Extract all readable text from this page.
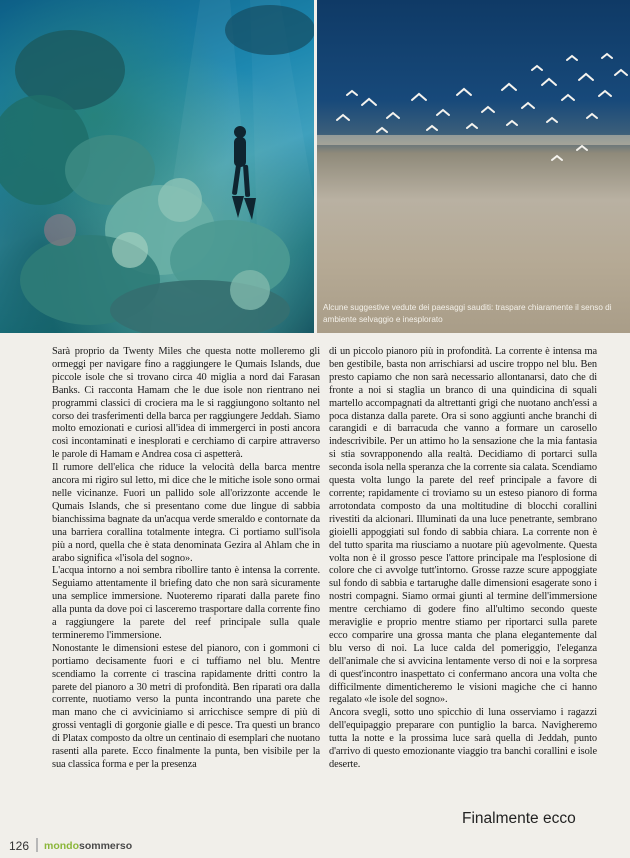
Alcune suggestive vedute dei paesaggi sauditi: traspare chiaramente il senso di ambiente selvaggio e inesplorato

Sarà proprio da Twenty Miles che questa notte molleremo gli ormeggi per navigare fino a raggiungere le Qumais Islands, due piccole isole che si trovano circa 40 miglia a nord dai Farasan Banks. Ci racconta Hamam che le due isole non rientrano nei programmi classici di crociera ma le si raggiungono soltanto nel corso dei trasferimenti della barca per raggiungere Jeddah. Siamo molto emozionati e curiosi all'idea di immergerci in posti ancora così incontaminati e inesplorati e cerchiamo di carpire attraverso le parole di Hamam e Andrea cosa ci aspetterà.

Il rumore dell'elica che riduce la velocità della barca mentre ancora mi rigiro sul letto, mi dice che le mitiche isole sono ormai nelle vicinanze. Fuori un pallido sole all'orizzonte accende le Qumais Islands, che si presentano come due lingue di sabbia bianchissima bagnate da un'acqua verde smeraldo e contornate da una barriera corallina totalmente integra. Ci portiamo sull'isola più a nord, quella che è stata denominata Gezira al Ahlam che in arabo significa «l'isola del sogno».

L'acqua intorno a noi sembra ribollire tanto è intensa la corrente. Seguiamo attentamente il briefing dato che non sarà sicuramente una semplice immersione. Nuoteremo riparati dalla parete fino alla punta da dove poi ci lasceremo trasportare dalla corrente fino a raggiungere la parete del reef principale sulla quale termineremo l'immersione.

Nonostante le dimensioni estese del pianoro, con i gommoni ci portiamo decisamente fuori e ci tuffiamo nel blu. Mentre scendiamo la corrente ci trascina rapidamente dritti contro la parete del pianoro a 30 metri di profondità. Ben riparati ora dalla corrente, nuotiamo verso la punta incontrando una parete che man mano che ci avviciniamo si arricchisce sempre di più di grossi ventagli di gorgonie gialle e di pesce. Tra questi un branco di Platax composto da oltre un centinaio di esemplari che nuotano rasenti alla parete. Ecco finalmente la punta, ben visibile per la sua classica forma e per la presenza

di un piccolo pianoro più in profondità. La corrente è intensa ma ben gestibile, basta non arrischiarsi ad uscire troppo nel blu. Ben presto capiamo che non sarà necessario allontanarsi, dato che di fronte a noi si staglia un branco di una quindicina di squali martello accompagnati da altrettanti grigi che nuotano anch'essi a poca distanza dalla parete. Ora si sono aggiunti anche branchi di carangidi e di barracuda che vanno a formare un carosello indescrivibile. Per un attimo ho la sensazione che la mia fantasia si stia sovrapponendo alla realtà. Decidiamo di portarci sulla seconda isola nella speranza che la corrente sia calata. Scendiamo questa volta lungo la parete del reef principale a favore di corrente; rapidamente ci troviamo su un esteso pianoro di forma arrotondata composto da una moltitudine di blocchi corallini rivestiti da alcionari. Illuminati da una luce penetrante, sembrano gioielli appoggiati sul fondo di sabbia chiara. La corrente non è del tutto sparita ma riusciamo a nuotare più agevolmente. Questa volta non è il grosso pesce l'attore principale ma l'esplosione di colore che ci avvolge tutt'intorno. Grosse razze scure appoggiate sul fondo di sabbia e tartarughe dalle dimensioni esagerate sono i nostri compagni. Siamo ormai giunti al termine dell'immersione mentre cerchiamo di godere fino all'ultimo secondo queste meraviglie e proprio mentre stiamo per riportarci sulla parete ecco comparire una grossa manta che plana elegantemente dal blu verso di noi. La luce calda del pomeriggio, l'eleganza dell'animale che si avvicina lentamente verso di noi e la sorpresa di quest'incontro inaspettato ci confermano ancora una volta che difficilmente dimenticheremo le visioni magiche che ci hanno regalato «le isole del sogno».

Ancora svegli, sotto uno spicchio di luna osserviamo i ragazzi dell'equipaggio preparare con puntiglio la barca. Navigheremo tutta la notte e la prossima luce sarà quella di Jeddah, punto d'arrivo di questo emozionante viaggio tra banchi corallini e isole deserte.

Finalmente ecco
126 mondosommerso
